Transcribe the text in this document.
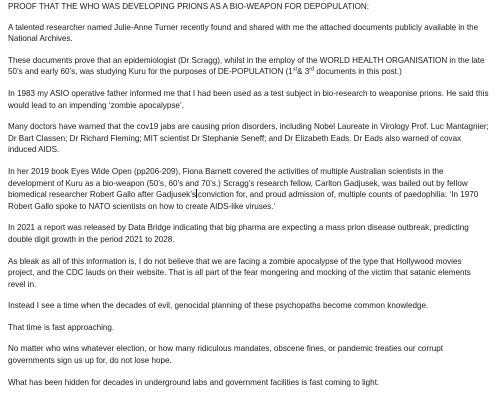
PROOF THAT THE WHO WAS DEVELOPING PRIONS AS A BIO-WEAPON FOR DEPOPULATION:

A talented researcher named Julie-Anne Turner recently found and shared with me the attached documents publicly available in the National Archives.

These documents prove that an epidemiologist (Dr Scragg), whilst in the employ of the WORLD HEALTH ORGANISATION in the late 50’s and early 60’s, was studying Kuru for the purposes of DE-POPULATION (1st& 3rd documents in this post.)

In 1983 my ASIO operative father informed me that I had been used as a test subject in bio-research to weaponise prions. He said this would lead to an impending ‘zombie apocalypse’.

Many doctors have warned that the cov19 jabs are causing prion disorders, including Nobel Laureate in Virology Prof. Luc Mantagnier; Dr Bart Classen; Dr Richard Fleming; MIT scientist Dr Stephanie Seneff; and Dr Elizabeth Eads. Dr Eads also warned of covax induced AIDS.

In her 2019 book Eyes Wide Open (pp206-209), Fiona Barnett covered the activities of multiple Australian scientists in the development of Kuru as a bio-weapon (50’s, 60’s and 70’s.) Scragg’s research fellow, Carlton Gadjusek, was bailed out by fellow biomedical researcher Robert Gallo after Gadjusek’s conviction for, and proud admission of, multiple counts of paedophilia: ‘In 1970 Robert Gallo spoke to NATO scientists on how to create AIDS-like viruses.’

In 2021 a report was released by Data Bridge indicating that big pharma are expecting a mass prion disease outbreak, predicting double digit growth in the period 2021 to 2028.

As bleak as all of this information is, I do not believe that we are facing a zombie apocalypse of the type that Hollywood movies project, and the CDC lauds on their website. That is all part of the fear mongering and mocking of the victim that satanic elements revel in.

Instead I see a time when the decades of evil, genocidal planning of these psychopaths become common knowledge.

That time is fast approaching.

No matter who wins whatever election, or how many ridiculous mandates, obscene fines, or pandemic treaties our corrupt governments sign us up for, do not lose hope.

What has been hidden for decades in underground labs and government facilities is fast coming to light.
